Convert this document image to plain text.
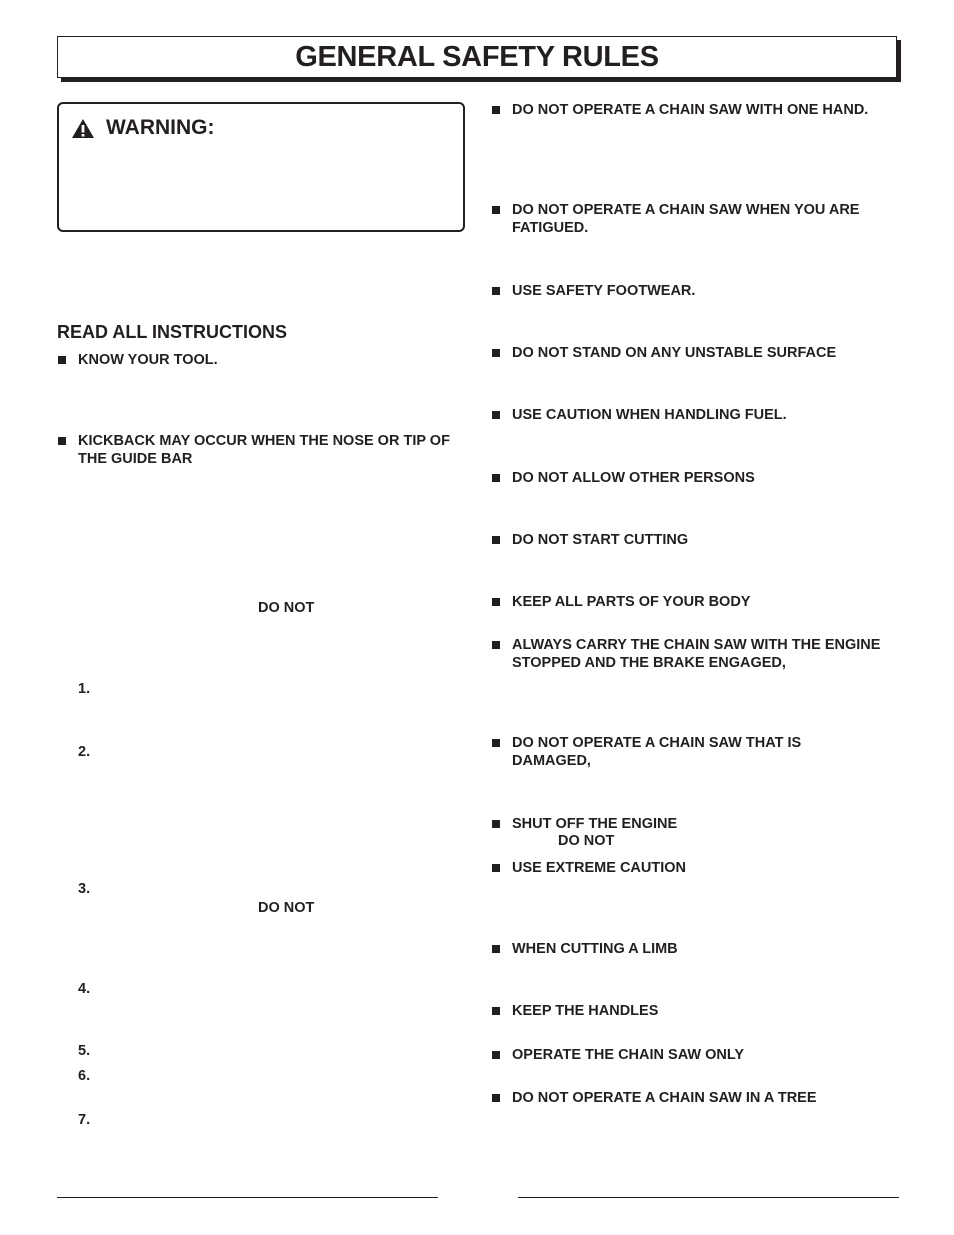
GENERAL SAFETY RULES
WARNING:
READ ALL INSTRUCTIONS
KNOW YOUR TOOL.
KICKBACK MAY OCCUR WHEN THE NOSE OR TIP OF THE GUIDE BAR
DO NOT
DO NOT
1.
2.
3.
4.
5.
6.
7.
DO NOT OPERATE A CHAIN SAW WITH ONE HAND.
DO NOT OPERATE A CHAIN SAW WHEN YOU ARE FATIGUED.
USE SAFETY FOOTWEAR.
DO NOT STAND ON ANY UNSTABLE SURFACE
USE CAUTION WHEN HANDLING FUEL.
DO NOT ALLOW OTHER PERSONS
DO NOT START CUTTING
KEEP ALL PARTS OF YOUR BODY
ALWAYS CARRY THE CHAIN SAW WITH THE ENGINE STOPPED AND THE BRAKE ENGAGED,
DO NOT OPERATE A CHAIN SAW THAT IS DAMAGED,
SHUT OFF THE ENGINE
DO NOT
USE EXTREME CAUTION
WHEN CUTTING A LIMB
KEEP THE HANDLES
OPERATE THE CHAIN SAW ONLY
DO NOT OPERATE A CHAIN SAW IN A TREE
